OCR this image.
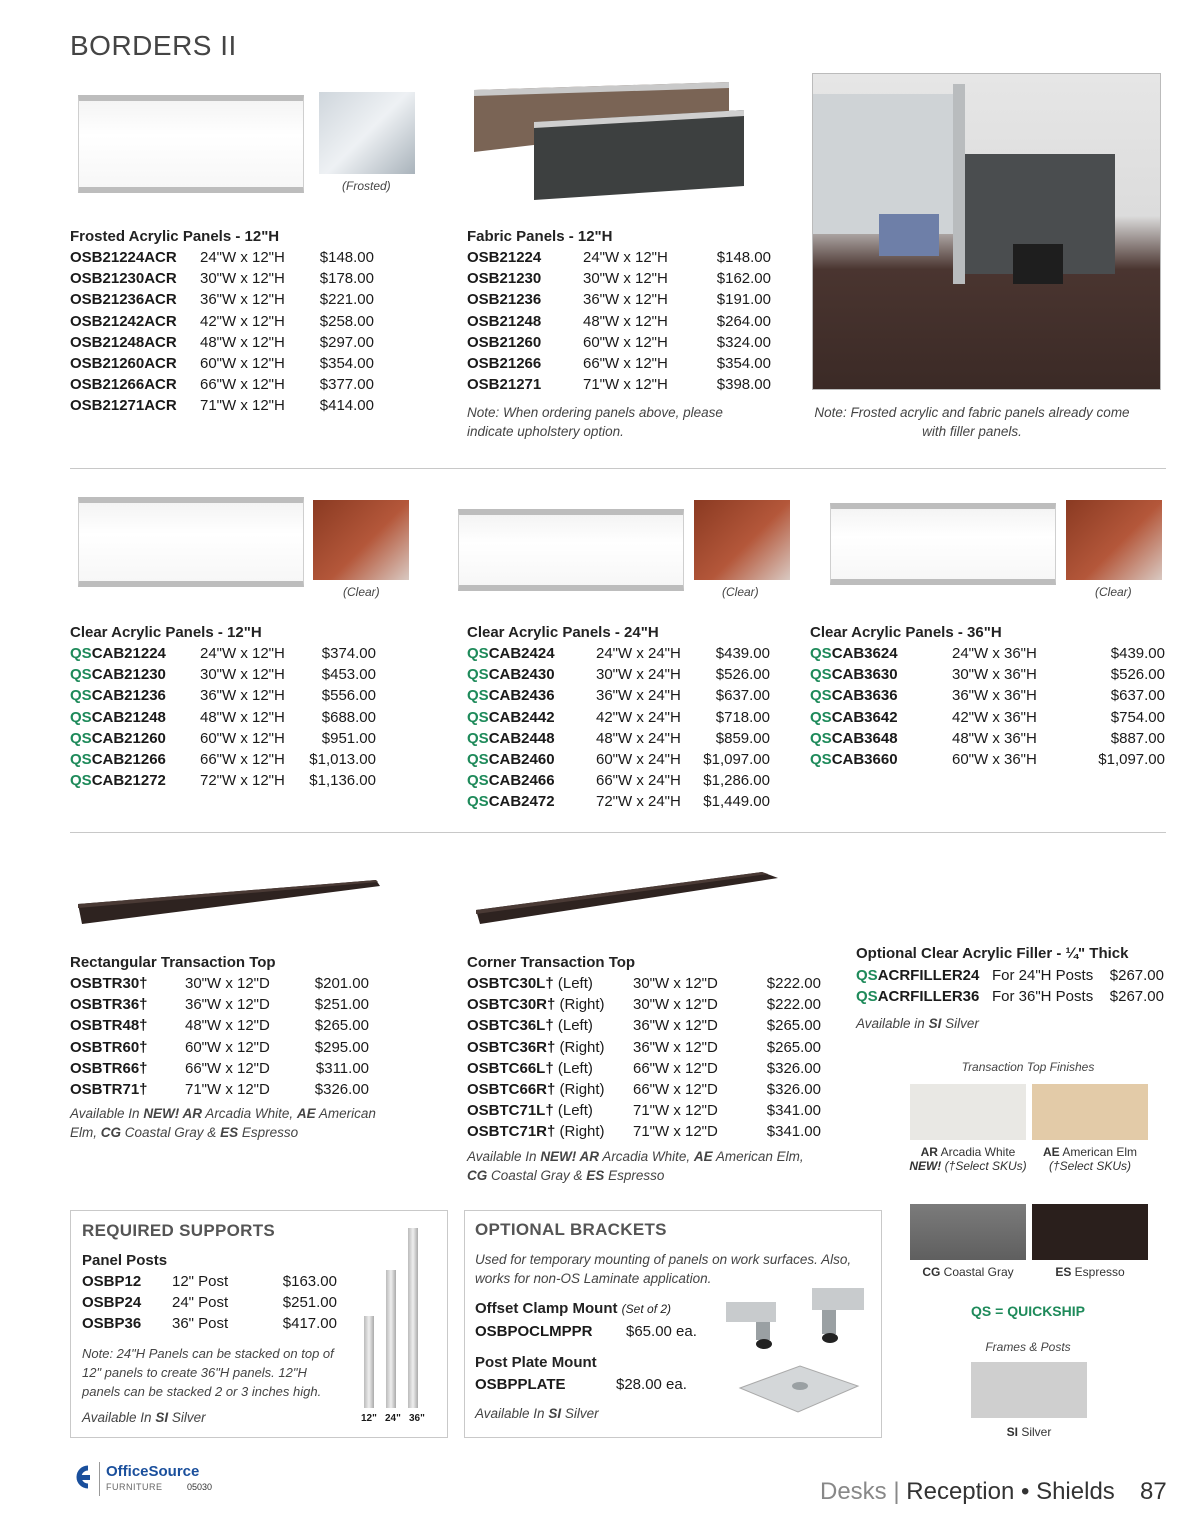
BORDERS II
(Frosted)
Frosted Acrylic Panels - 12"H
OSB21224ACR	24"W x 12"H	$148.00
OSB21230ACR	30"W x 12"H	$178.00
OSB21236ACR	36"W x 12"H	$221.00
OSB21242ACR	42"W x 12"H	$258.00
OSB21248ACR	48"W x 12"H	$297.00
OSB21260ACR	60"W x 12"H	$354.00
OSB21266ACR	66"W x 12"H	$377.00
OSB21271ACR	71"W x 12"H	$414.00
Fabric Panels - 12"H
OSB21224	24"W x 12"H	$148.00
OSB21230	30"W x 12"H	$162.00
OSB21236	36"W x 12"H	$191.00
OSB21248	48"W x 12"H	$264.00
OSB21260	60"W x 12"H	$324.00
OSB21266	66"W x 12"H	$354.00
OSB21271	71"W x 12"H	$398.00
Note: When ordering panels above, please indicate upholstery option.
Note: Frosted acrylic and fabric panels already come with filler panels.
(Clear)	(Clear)	(Clear)
Clear Acrylic Panels - 12"H
QSCAB21224	24"W x 12"H	$374.00
QSCAB21230	30"W x 12"H	$453.00
QSCAB21236	36"W x 12"H	$556.00
QSCAB21248	48"W x 12"H	$688.00
QSCAB21260	60"W x 12"H	$951.00
QSCAB21266	66"W x 12"H	$1,013.00
QSCAB21272	72"W x 12"H	$1,136.00
Clear Acrylic Panels - 24"H
QSCAB2424	24"W x 24"H	$439.00
QSCAB2430	30"W x 24"H	$526.00
QSCAB2436	36"W x 24"H	$637.00
QSCAB2442	42"W x 24"H	$718.00
QSCAB2448	48"W x 24"H	$859.00
QSCAB2460	60"W x 24"H	$1,097.00
QSCAB2466	66"W x 24"H	$1,286.00
QSCAB2472	72"W x 24"H	$1,449.00
Clear Acrylic Panels - 36"H
QSCAB3624	24"W x 36"H	$439.00
QSCAB3630	30"W x 36"H	$526.00
QSCAB3636	36"W x 36"H	$637.00
QSCAB3642	42"W x 36"H	$754.00
QSCAB3648	48"W x 36"H	$887.00
QSCAB3660	60"W x 36"H	$1,097.00
Rectangular Transaction Top
OSBTR30†	30"W x 12"D	$201.00
OSBTR36†	36"W x 12"D	$251.00
OSBTR48†	48"W x 12"D	$265.00
OSBTR60†	60"W x 12"D	$295.00
OSBTR66†	66"W x 12"D	$311.00
OSBTR71†	71"W x 12"D	$326.00
Available In NEW! AR Arcadia White, AE American Elm, CG Coastal Gray & ES Espresso
Corner Transaction Top
OSBTC30L† (Left)	30"W x 12"D	$222.00
OSBTC30R† (Right)	30"W x 12"D	$222.00
OSBTC36L† (Left)	36"W x 12"D	$265.00
OSBTC36R† (Right)	36"W x 12"D	$265.00
OSBTC66L† (Left)	66"W x 12"D	$326.00
OSBTC66R† (Right)	66"W x 12"D	$326.00
OSBTC71L† (Left)	71"W x 12"D	$341.00
OSBTC71R† (Right)	71"W x 12"D	$341.00
Available In NEW! AR Arcadia White, AE American Elm, CG Coastal Gray & ES Espresso
Optional Clear Acrylic Filler - ¼" Thick
QSACRFILLER24 For 24"H Posts	$267.00
QSACRFILLER36 For 36"H Posts	$267.00
Available in SI Silver
Transaction Top Finishes
AR Arcadia White
NEW! (†Select SKUs)
AE American Elm
(†Select SKUs)
CG Coastal Gray	ES Espresso
QS = QUICKSHIP
Frames & Posts
SI Silver
REQUIRED SUPPORTS
Panel Posts
OSBP12	12" Post	$163.00
OSBP24	24" Post	$251.00
OSBP36	36" Post	$417.00
Note: 24"H Panels can be stacked on top of 12" panels to create 36"H panels. 12"H panels can be stacked 2 or 3 inches high.
Available In SI Silver	12" 24" 36"
OPTIONAL BRACKETS
Used for temporary mounting of panels on work surfaces. Also, works for non-OS Laminate application.
Offset Clamp Mount (Set of 2)
OSBPOCLMPPR	$65.00 ea.
Post Plate Mount
OSBPPLATE	$28.00 ea.
Available In SI Silver
OfficeSource
FURNITURE	05030	Desks | Reception • Shields 87
